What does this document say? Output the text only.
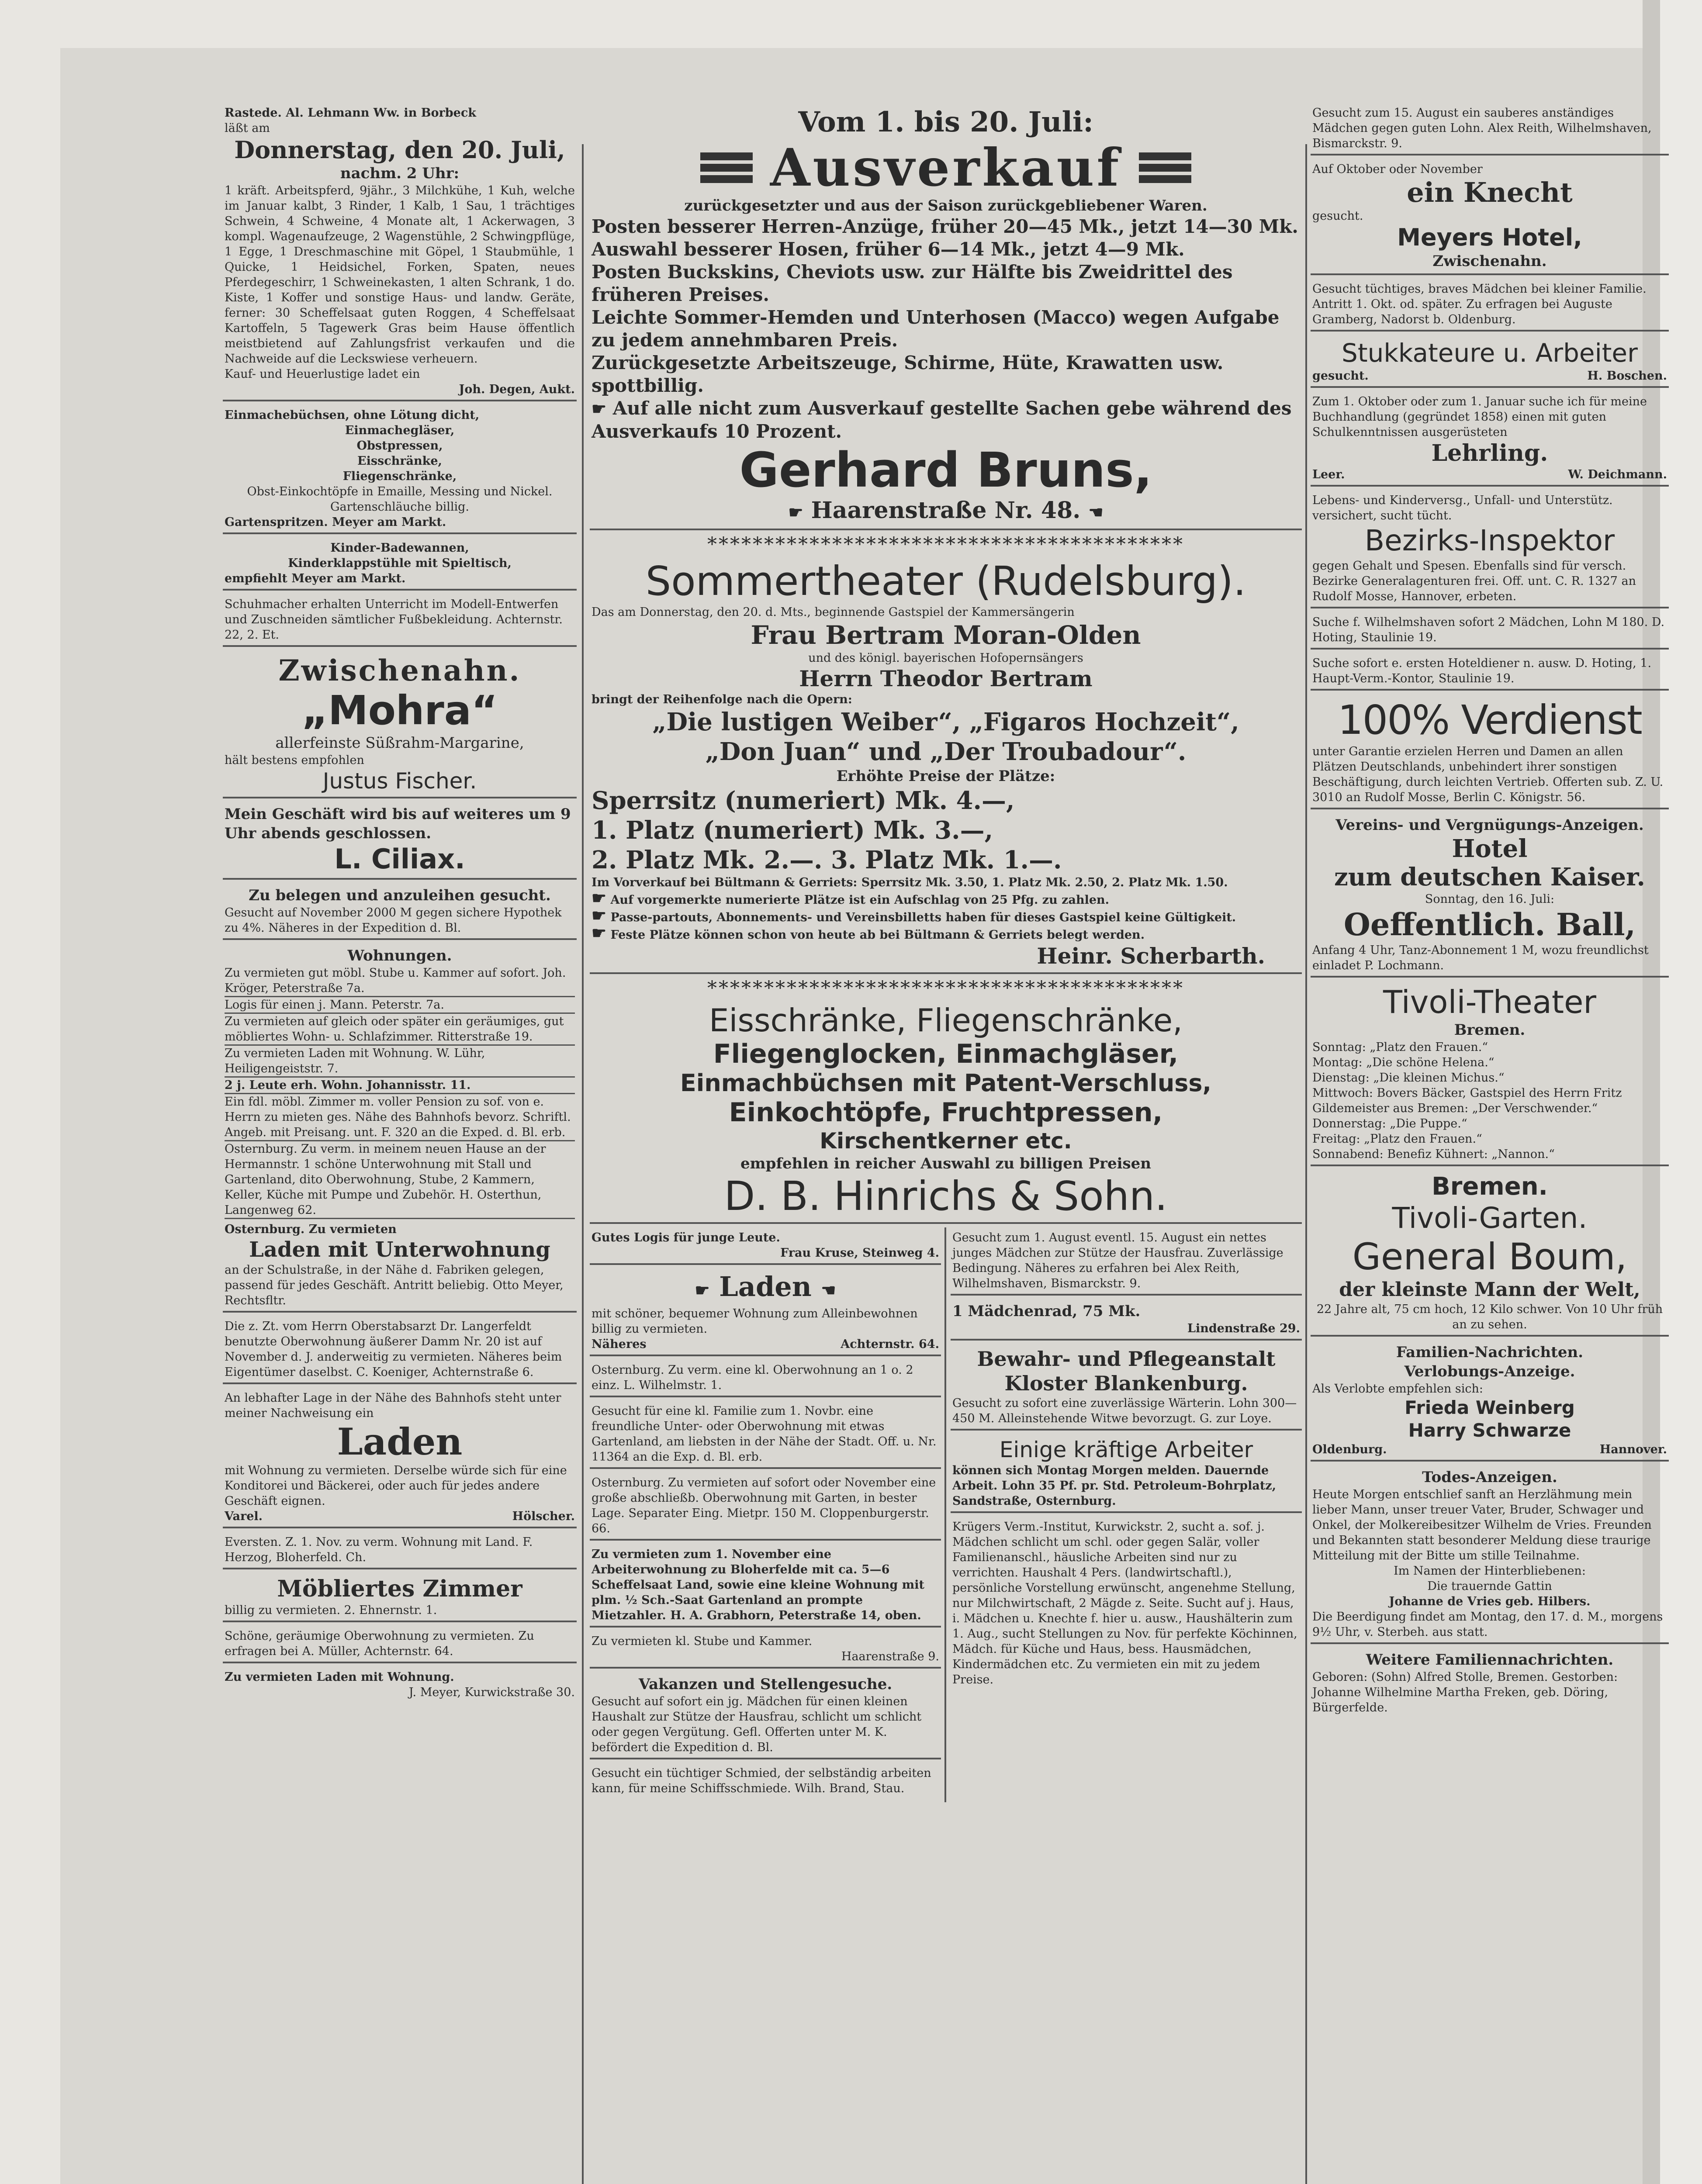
Rastede. Al. Lehmann Ww. in Borbeck

läßt am

Donnerstag, den 20. Juli,

nachm. 2 Uhr:

1 kräft. Arbeitspferd, 9jähr., 3 Milchkühe, 1 Kuh, welche im Januar kalbt, 3 Rinder, 1 Kalb, 1 Sau, 1 trächtiges Schwein, 4 Schweine, 4 Monate alt, 1 Ackerwagen, 3 kompl. Wagenaufzeuge, 2 Wagenstühle, 2 Schwingpflüge, 1 Egge, 1 Dreschmaschine mit Göpel, 1 Staubmühle, 1 Quicke, 1 Heidsichel, Forken, Spaten, neues Pferdegeschirr, 1 Schweinekasten, 1 alten Schrank, 1 do. Kiste, 1 Koffer und sonstige Haus- und landw. Geräte, ferner: 30 Scheffelsaat guten Roggen, 4 Scheffelsaat Kartoffeln, 5 Tagewerk Gras beim Hause öffentlich meistbietend auf Zahlungsfrist verkaufen und die Nachweide auf die Leckswiese verheuern.

Kauf- und Heuerlustige ladet ein

Joh. Degen, Aukt.

Einmachebüchsen, ohne Lötung dicht,

Einmachegläser,

Obstpressen,

Eisschränke,

Fliegenschränke,

Obst-Einkochtöpfe in Emaille, Messing und Nickel.

Gartenschläuche billig.

Gartenspritzen. Meyer am Markt.

Kinder-Badewannen,

Kinderklappstühle mit Spieltisch,

empfiehlt Meyer am Markt.

Schuhmacher erhalten Unterricht im Modell-Entwerfen und Zuschneiden sämtlicher Fußbekleidung. Achternstr. 22, 2. Et.

Zwischenahn.

„Mohra“

allerfeinste Süßrahm-Margarine,

hält bestens empfohlen

Justus Fischer.

Mein Geschäft wird bis auf weiteres um 9 Uhr abends geschlossen.

L. Ciliax.

Zu belegen und anzuleihen gesucht.

Gesucht auf November 2000 M gegen sichere Hypothek zu 4%. Näheres in der Expedition d. Bl.

Wohnungen.

Zu vermieten gut möbl. Stube u. Kammer auf sofort. Joh. Kröger, Peterstraße 7a.

Logis für einen j. Mann. Peterstr. 7a.

Zu vermieten auf gleich oder später ein geräumiges, gut möbliertes Wohn- u. Schlafzimmer. Ritterstraße 19.

Zu vermieten Laden mit Wohnung. W. Lühr, Heiligengeiststr. 7.

2 j. Leute erh. Wohn. Johannisstr. 11.

Ein fdl. möbl. Zimmer m. voller Pension zu sof. von e. Herrn zu mieten ges. Nähe des Bahnhofs bevorz. Schriftl. Angeb. mit Preisang. unt. F. 320 an die Exped. d. Bl. erb.

Osternburg. Zu verm. in meinem neuen Hause an der Hermannstr. 1 schöne Unterwohnung mit Stall und Gartenland, dito Oberwohnung, Stube, 2 Kammern, Keller, Küche mit Pumpe und Zubehör. H. Osterthun, Langenweg 62.

Osternburg. Zu vermieten

Laden mit Unterwohnung

an der Schulstraße, in der Nähe d. Fabriken gelegen, passend für jedes Geschäft. Antritt beliebig. Otto Meyer, Rechtsfltr.

Die z. Zt. vom Herrn Oberstabsarzt Dr. Langerfeldt benutzte Oberwohnung äußerer Damm Nr. 20 ist auf November d. J. anderweitig zu vermieten. Näheres beim Eigentümer daselbst. C. Koeniger, Achternstraße 6.

An lebhafter Lage in der Nähe des Bahnhofs steht unter meiner Nachweisung ein

Laden

mit Wohnung zu vermieten. Derselbe würde sich für eine Konditorei und Bäckerei, oder auch für jedes andere Geschäft eignen.

Varel.	Hölscher.

Eversten. Z. 1. Nov. zu verm. Wohnung mit Land. F. Herzog, Bloherfeld. Ch.

Möbliertes Zimmer

billig zu vermieten. 2. Ehnernstr. 1.

Schöne, geräumige Oberwohnung zu vermieten. Zu erfragen bei A. Müller, Achternstr. 64.

Zu vermieten Laden mit Wohnung.

J. Meyer, Kurwickstraße 30.

Vom 1. bis 20. Juli:

Ausverkauf

zurückgesetzter und aus der Saison zurückgebliebener Waren.

Posten besserer Herren-Anzüge, früher 20—45 Mk., jetzt 14—30 Mk.

Auswahl besserer Hosen, früher 6—14 Mk., jetzt 4—9 Mk.

Posten Buckskins, Cheviots usw. zur Hälfte bis Zweidrittel des früheren Preises.

Leichte Sommer-Hemden und Unterhosen (Macco) wegen Aufgabe zu jedem annehmbaren Preis.

Zurückgesetzte Arbeitszeuge, Schirme, Hüte, Krawatten usw. spottbillig.

☛ Auf alle nicht zum Ausverkauf gestellte Sachen gebe während des Ausverkaufs 10 Prozent.

Gerhard Bruns,

☛ Haarenstraße Nr. 48. ☚

******************************************

Sommertheater (Rudelsburg).

Das am Donnerstag, den 20. d. Mts., beginnende Gastspiel der Kammersängerin

Frau Bertram Moran-Olden

und des königl. bayerischen Hofopernsängers

Herrn Theodor Bertram

bringt der Reihenfolge nach die Opern:

„Die lustigen Weiber“, „Figaros Hochzeit“,

„Don Juan“ und „Der Troubadour“.

Erhöhte Preise der Plätze:

Sperrsitz (numeriert) Mk. 4.—,

1. Platz (numeriert) Mk. 3.—,

2. Platz Mk. 2.—. 3. Platz Mk. 1.—.

Im Vorverkauf bei Bültmann & Gerriets: Sperrsitz Mk. 3.50, 1. Platz Mk. 2.50, 2. Platz Mk. 1.50.

☛ Auf vorgemerkte numerierte Plätze ist ein Aufschlag von 25 Pfg. zu zahlen.

☛ Passe-partouts, Abonnements- und Vereinsbilletts haben für dieses Gastspiel keine Gültigkeit.

☛ Feste Plätze können schon von heute ab bei Bültmann & Gerriets belegt werden.

Heinr. Scherbarth.

******************************************

Eisschränke, Fliegenschränke,

Fliegenglocken, Einmachgläser,

Einmachbüchsen mit Patent-Verschluss,

Einkochtöpfe, Fruchtpressen,

Kirschentkerner etc.

empfehlen in reicher Auswahl zu billigen Preisen

D. B. Hinrichs & Sohn.

Gutes Logis für junge Leute.

Frau Kruse, Steinweg 4.

☛ Laden ☚

mit schöner, bequemer Wohnung zum Alleinbewohnen billig zu vermieten.

Näheres	Achternstr. 64.

Osternburg. Zu verm. eine kl. Oberwohnung an 1 o. 2 einz. L. Wilhelmstr. 1.

Gesucht für eine kl. Familie zum 1. Novbr. eine freundliche Unter- oder Oberwohnung mit etwas Gartenland, am liebsten in der Nähe der Stadt. Off. u. Nr. 11364 an die Exp. d. Bl. erb.

Osternburg. Zu vermieten auf sofort oder November eine große abschließb. Oberwohnung mit Garten, in bester Lage. Separater Eing. Mietpr. 150 M. Cloppenburgerstr. 66.

Zu vermieten zum 1. November eine Arbeiterwohnung zu Bloherfelde mit ca. 5—6 Scheffelsaat Land, sowie eine kleine Wohnung mit plm. ½ Sch.-Saat Gartenland an prompte Mietzahler. H. A. Grabhorn, Peterstraße 14, oben.

Zu vermieten kl. Stube und Kammer.

Haarenstraße 9.

Vakanzen und Stellengesuche.

Gesucht auf sofort ein jg. Mädchen für einen kleinen Haushalt zur Stütze der Hausfrau, schlicht um schlicht oder gegen Vergütung. Gefl. Offerten unter M. K. befördert die Expedition d. Bl.

Gesucht ein tüchtiger Schmied, der selbständig arbeiten kann, für meine Schiffsschmiede. Wilh. Brand, Stau.

Gesucht zum 1. August eventl. 15. August ein nettes junges Mädchen zur Stütze der Hausfrau. Zuverlässige Bedingung. Näheres zu erfahren bei Alex Reith, Wilhelmshaven, Bismarckstr. 9.

1 Mädchenrad, 75 Mk.

Lindenstraße 29.

Bewahr- und Pflegeanstalt

Kloster Blankenburg.

Gesucht zu sofort eine zuverlässige Wärterin. Lohn 300—450 M. Alleinstehende Witwe bevorzugt. G. zur Loye.

Einige kräftige Arbeiter

können sich Montag Morgen melden. Dauernde Arbeit. Lohn 35 Pf. pr. Std. Petroleum-Bohrplatz, Sandstraße, Osternburg.

Krügers Verm.-Institut, Kurwickstr. 2, sucht a. sof. j. Mädchen schlicht um schl. oder gegen Salär, voller Familienanschl., häusliche Arbeiten sind nur zu verrichten. Haushalt 4 Pers. (landwirtschaftl.), persönliche Vorstellung erwünscht, angenehme Stellung, nur Milchwirtschaft, 2 Mägde z. Seite. Sucht auf j. Haus, i. Mädchen u. Knechte f. hier u. ausw., Haushälterin zum 1. Aug., sucht Stellungen zu Nov. für perfekte Köchinnen, Mädch. für Küche und Haus, bess. Hausmädchen, Kindermädchen etc. Zu vermieten ein mit zu jedem Preise.

Gesucht zum 15. August ein sauberes anständiges Mädchen gegen guten Lohn. Alex Reith, Wilhelmshaven, Bismarckstr. 9.

Auf Oktober oder November

ein Knecht

gesucht.

Meyers Hotel,

Zwischenahn.

Gesucht tüchtiges, braves Mädchen bei kleiner Familie. Antritt 1. Okt. od. später. Zu erfragen bei Auguste Gramberg, Nadorst b. Oldenburg.

Stukkateure u. Arbeiter

gesucht.	H. Boschen.

Zum 1. Oktober oder zum 1. Januar suche ich für meine Buchhandlung (gegründet 1858) einen mit guten Schulkenntnissen ausgerüsteten

Lehrling.

Leer.	W. Deichmann.

Lebens- und Kinderversg., Unfall- und Unterstütz. versichert, sucht tücht.

Bezirks-Inspektor

gegen Gehalt und Spesen. Ebenfalls sind für versch. Bezirke Generalagenturen frei. Off. unt. C. R. 1327 an Rudolf Mosse, Hannover, erbeten.

Suche f. Wilhelmshaven sofort 2 Mädchen, Lohn M 180. D. Hoting, Staulinie 19.

Suche sofort e. ersten Hoteldiener n. ausw. D. Hoting, 1. Haupt-Verm.-Kontor, Staulinie 19.

100% Verdienst

unter Garantie erzielen Herren und Damen an allen Plätzen Deutschlands, unbehindert ihrer sonstigen Beschäftigung, durch leichten Vertrieb. Offerten sub. Z. U. 3010 an Rudolf Mosse, Berlin C. Königstr. 56.

Vereins- und Vergnügungs-Anzeigen.

Hotel

zum deutschen Kaiser.

Sonntag, den 16. Juli:

Oeffentlich. Ball,

Anfang 4 Uhr, Tanz-Abonnement 1 M, wozu freundlichst einladet P. Lochmann.

Tivoli-Theater

Bremen.

Sonntag: „Platz den Frauen.“

Montag: „Die schöne Helena.“

Dienstag: „Die kleinen Michus.“

Mittwoch: Bovers Bäcker, Gastspiel des Herrn Fritz Gildemeister aus Bremen: „Der Verschwender.“

Donnerstag: „Die Puppe.“

Freitag: „Platz den Frauen.“

Sonnabend: Benefiz Kühnert: „Nannon.“

Bremen.

Tivoli-Garten.

General Boum,

der kleinste Mann der Welt,

22 Jahre alt, 75 cm hoch, 12 Kilo schwer. Von 10 Uhr früh an zu sehen.

Familien-Nachrichten.

Verlobungs-Anzeige.

Als Verlobte empfehlen sich:

Frieda Weinberg

Harry Schwarze

Oldenburg.	Hannover.

Todes-Anzeigen.

Heute Morgen entschlief sanft an Herzlähmung mein lieber Mann, unser treuer Vater, Bruder, Schwager und Onkel, der Molkereibesitzer Wilhelm de Vries. Freunden und Bekannten statt besonderer Meldung diese traurige Mitteilung mit der Bitte um stille Teilnahme.

Im Namen der Hinterbliebenen:

Die trauernde Gattin

Johanne de Vries geb. Hilbers.

Die Beerdigung findet am Montag, den 17. d. M., morgens 9½ Uhr, v. Sterbeh. aus statt.

Weitere Familiennachrichten.

Geboren: (Sohn) Alfred Stolle, Bremen. Gestorben: Johanne Wilhelmine Martha Freken, geb. Döring, Bürgerfelde.
